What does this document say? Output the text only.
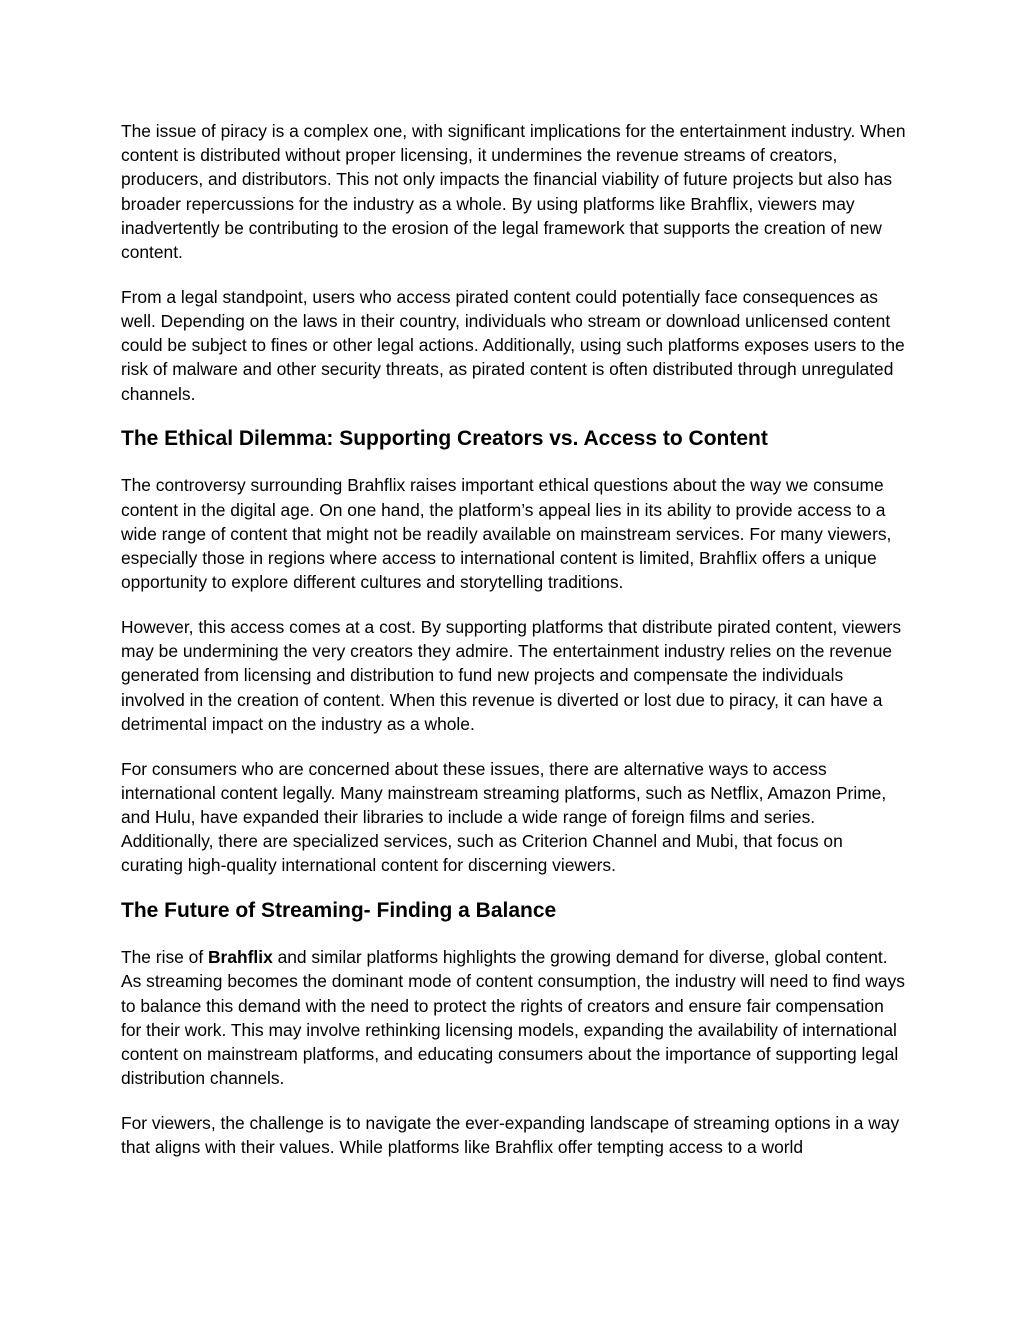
The issue of piracy is a complex one, with significant implications for the entertainment industry. When content is distributed without proper licensing, it undermines the revenue streams of creators, producers, and distributors. This not only impacts the financial viability of future projects but also has broader repercussions for the industry as a whole. By using platforms like Brahflix, viewers may inadvertently be contributing to the erosion of the legal framework that supports the creation of new content.

From a legal standpoint, users who access pirated content could potentially face consequences as well. Depending on the laws in their country, individuals who stream or download unlicensed content could be subject to fines or other legal actions. Additionally, using such platforms exposes users to the risk of malware and other security threats, as pirated content is often distributed through unregulated channels.

The Ethical Dilemma: Supporting Creators vs. Access to Content

The controversy surrounding Brahflix raises important ethical questions about the way we consume content in the digital age. On one hand, the platform’s appeal lies in its ability to provide access to a wide range of content that might not be readily available on mainstream services. For many viewers, especially those in regions where access to international content is limited, Brahflix offers a unique opportunity to explore different cultures and storytelling traditions.

However, this access comes at a cost. By supporting platforms that distribute pirated content, viewers may be undermining the very creators they admire. The entertainment industry relies on the revenue generated from licensing and distribution to fund new projects and compensate the individuals involved in the creation of content. When this revenue is diverted or lost due to piracy, it can have a detrimental impact on the industry as a whole.

For consumers who are concerned about these issues, there are alternative ways to access international content legally. Many mainstream streaming platforms, such as Netflix, Amazon Prime, and Hulu, have expanded their libraries to include a wide range of foreign films and series. Additionally, there are specialized services, such as Criterion Channel and Mubi, that focus on curating high-quality international content for discerning viewers.

The Future of Streaming- Finding a Balance

The rise of Brahflix and similar platforms highlights the growing demand for diverse, global content. As streaming becomes the dominant mode of content consumption, the industry will need to find ways to balance this demand with the need to protect the rights of creators and ensure fair compensation for their work. This may involve rethinking licensing models, expanding the availability of international content on mainstream platforms, and educating consumers about the importance of supporting legal distribution channels.

For viewers, the challenge is to navigate the ever-expanding landscape of streaming options in a way that aligns with their values. While platforms like Brahflix offer tempting access to a world
